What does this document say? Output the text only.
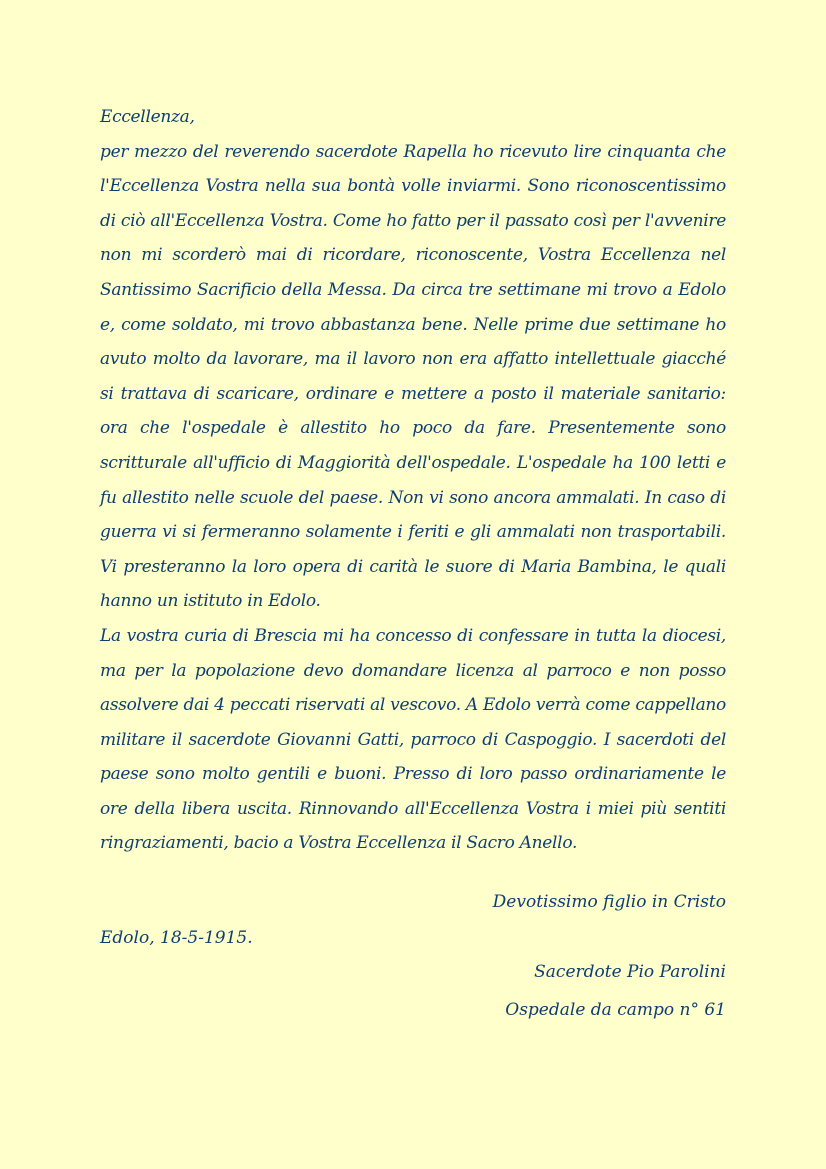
Eccellenza,
per mezzo del reverendo sacerdote Rapella ho ricevuto lire cinquanta che l'Eccellenza Vostra nella sua bontà volle inviarmi. Sono riconoscentissimo di ciò all'Eccellenza Vostra. Come ho fatto per il passato così per l'avvenire non mi scorderò mai di ricordare, riconoscente, Vostra Eccellenza nel Santissimo Sacrificio della Messa. Da circa tre settimane mi trovo a Edolo e, come soldato, mi trovo abbastanza bene. Nelle prime due settimane ho avuto molto da lavorare, ma il lavoro non era affatto intellettuale giacché si trattava di scaricare, ordinare e mettere a posto il materiale sanitario: ora che l'ospedale è allestito ho poco da fare. Presentemente sono scritturale all'ufficio di Maggiorità dell'ospedale. L'ospedale ha 100 letti e fu allestito nelle scuole del paese. Non vi sono ancora ammalati. In caso di guerra vi si fermeranno solamente i feriti e gli ammalati non trasportabili. Vi presteranno la loro opera di carità le suore di Maria Bambina, le quali hanno un istituto in Edolo.
La vostra curia di Brescia mi ha concesso di confessare in tutta la diocesi, ma per la popolazione devo domandare licenza al parroco e non posso assolvere dai 4 peccati riservati al vescovo. A Edolo verrà come cappellano militare il sacerdote Giovanni Gatti, parroco di Caspoggio. I sacerdoti del paese sono molto gentili e buoni. Presso di loro passo ordinariamente le ore della libera uscita. Rinnovando all'Eccellenza Vostra i miei più sentiti ringraziamenti, bacio a Vostra Eccellenza il Sacro Anello.
Devotissimo figlio in Cristo
Edolo, 18-5-1915.
Sacerdote Pio Parolini
Ospedale da campo n° 61
